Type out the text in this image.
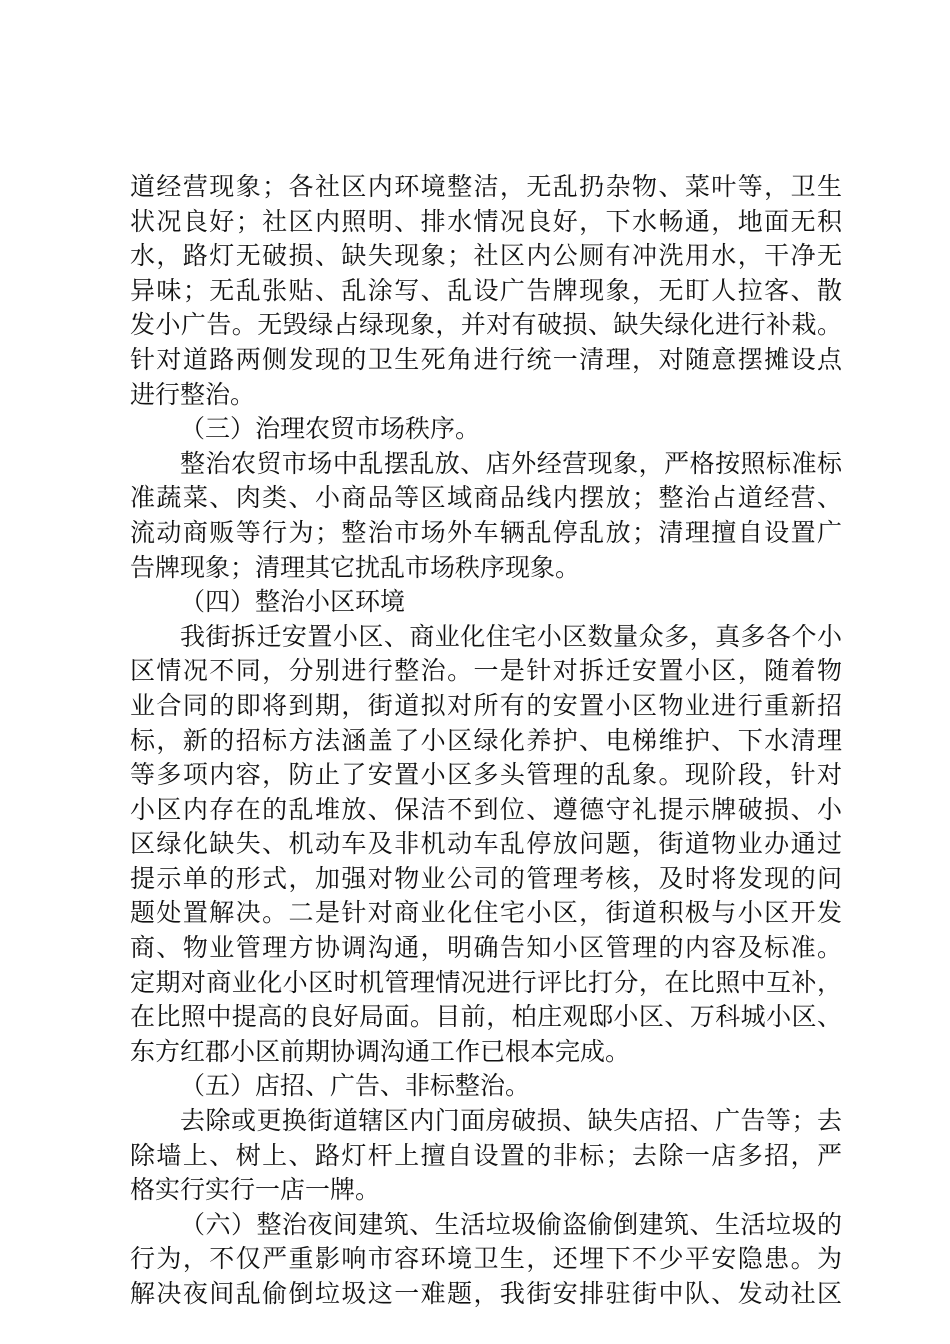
道经营现象；各社区内环境整洁，无乱扔杂物、菜叶等，卫生
状况良好；社区内照明、排水情况良好，下水畅通，地面无积
水，路灯无破损、缺失现象；社区内公厕有冲洗用水，干净无
异味；无乱张贴、乱涂写、乱设广告牌现象，无盯人拉客、散
发小广告。无毁绿占绿现象，并对有破损、缺失绿化进行补栽。
针对道路两侧发现的卫生死角进行统一清理，对随意摆摊设点
进行整治。
（三）治理农贸市场秩序。
整治农贸市场中乱摆乱放、店外经营现象，严格按照标准标
准蔬菜、肉类、小商品等区域商品线内摆放；整治占道经营、
流动商贩等行为；整治市场外车辆乱停乱放；清理擅自设置广
告牌现象；清理其它扰乱市场秩序现象。
（四）整治小区环境
我街拆迁安置小区、商业化住宅小区数量众多，真多各个小
区情况不同，分别进行整治。一是针对拆迁安置小区，随着物
业合同的即将到期，街道拟对所有的安置小区物业进行重新招
标，新的招标方法涵盖了小区绿化养护、电梯维护、下水清理
等多项内容，防止了安置小区多头管理的乱象。现阶段，针对
小区内存在的乱堆放、保洁不到位、遵德守礼提示牌破损、小
区绿化缺失、机动车及非机动车乱停放问题，街道物业办通过
提示单的形式，加强对物业公司的管理考核，及时将发现的问
题处置解决。二是针对商业化住宅小区，街道积极与小区开发
商、物业管理方协调沟通，明确告知小区管理的内容及标准。
定期对商业化小区时机管理情况进行评比打分，在比照中互补，
在比照中提高的良好局面。目前，柏庄观邸小区、万科城小区、
东方红郡小区前期协调沟通工作已根本完成。
（五）店招、广告、非标整治。
去除或更换街道辖区内门面房破损、缺失店招、广告等；去
除墙上、树上、路灯杆上擅自设置的非标；去除一店多招，严
格实行实行一店一牌。
（六）整治夜间建筑、生活垃圾偷盗偷倒建筑、生活垃圾的
行为，不仅严重影响市容环境卫生，还埋下不少平安隐患。为
解决夜间乱偷倒垃圾这一难题，我街安排驻街中队、发动社区
